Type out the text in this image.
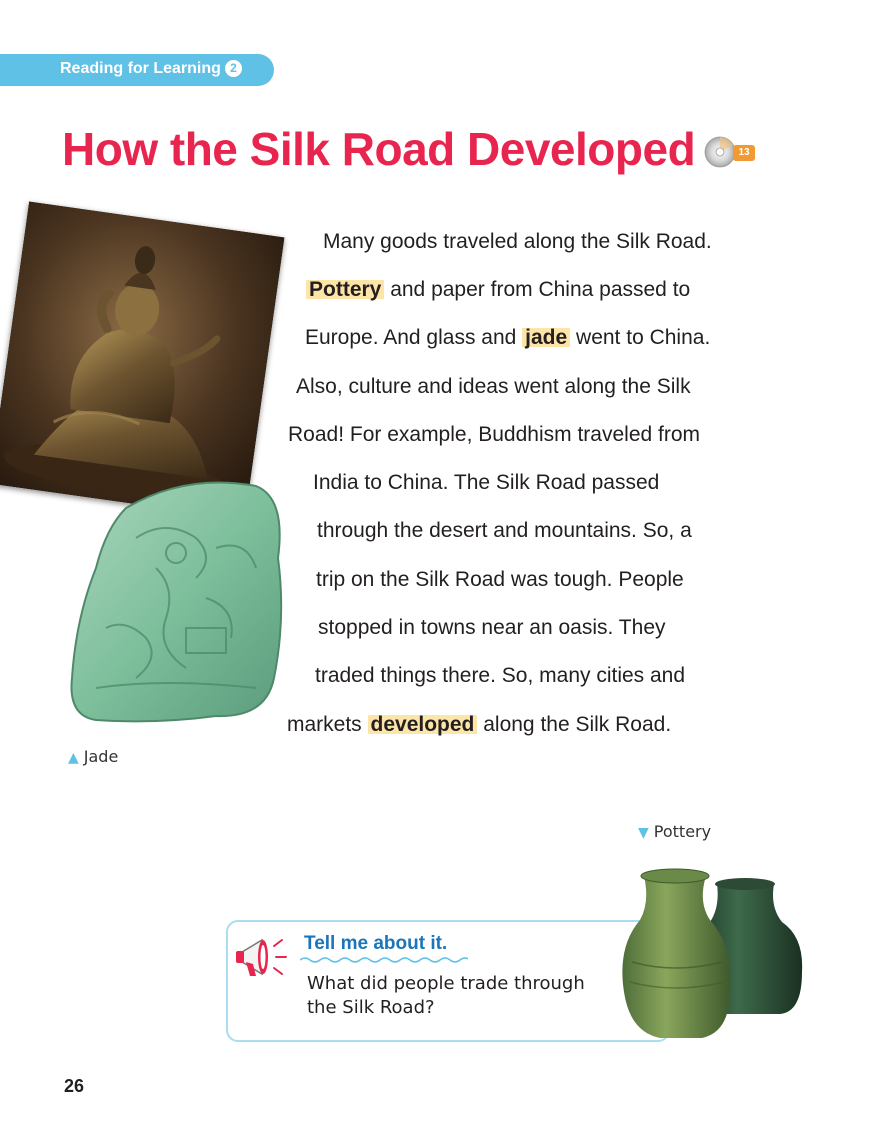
Reading for Learning 2
How the Silk Road Developed	13
▲ Jade
Many goods traveled along the Silk Road.
Pottery and paper from China passed to
Europe. And glass and jade went to China.
Also, culture and ideas went along the Silk
Road! For example, Buddhism traveled from
India to China. The Silk Road passed
through the desert and mountains. So, a
trip on the Silk Road was tough. People
stopped in towns near an oasis. They
traded things there. So, many cities and
markets developed along the Silk Road.
▼ Pottery
Tell me about it.
What did people trade through
the Silk Road?
26
